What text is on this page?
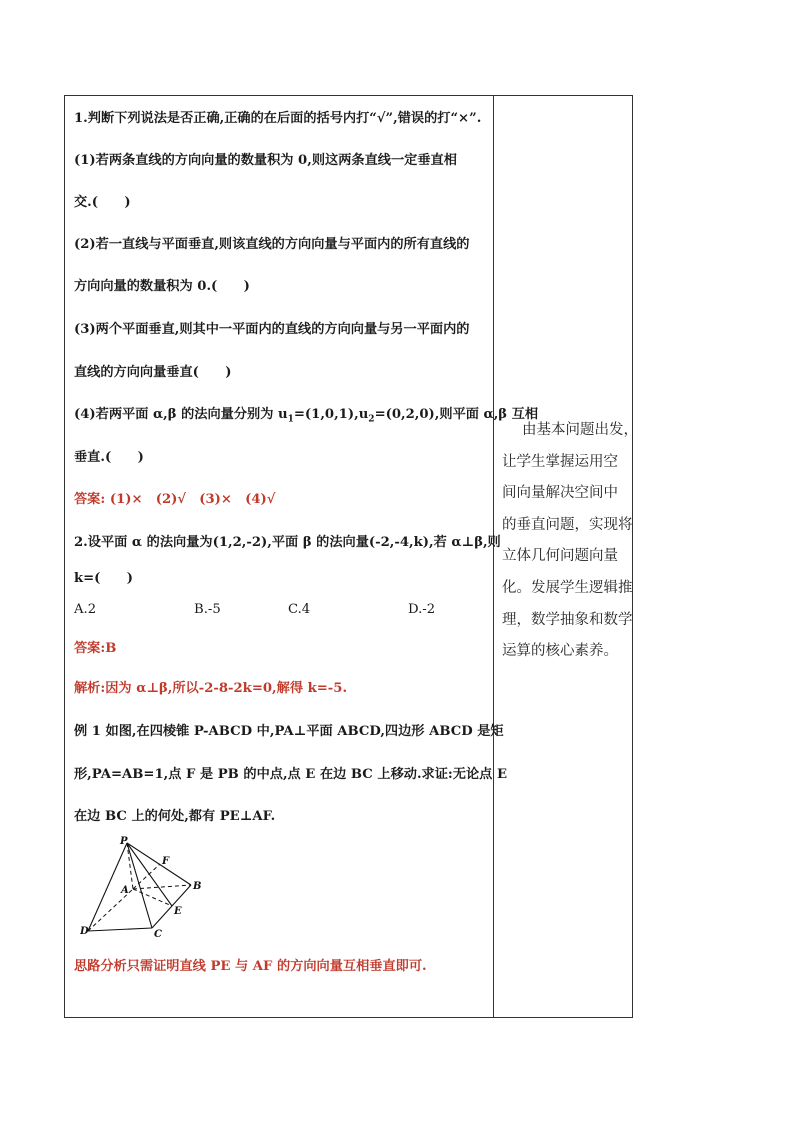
1.判断下列说法是否正确,正确的在后面的括号内打“√”,错误的打“×”.
(1)若两条直线的方向向量的数量积为 0,则这两条直线一定垂直相
交.(　　)
(2)若一直线与平面垂直,则该直线的方向向量与平面内的所有直线的
方向向量的数量积为 0.(　　)
(3)两个平面垂直,则其中一平面内的直线的方向向量与另一平面内的
直线的方向向量垂直(　　)
(4)若两平面 α,β 的法向量分别为 $u_1=(1,0,1),u_2=(0,2,0)$,则平面 α,β 互相
垂直.(　　)
答案: (1)×　(2)√　(3)×　(4)√
2.设平面 α 的法向量为(1,2,-2),平面 β 的法向量(-2,-4,k),若 α⊥β,则
k=(　　)
A.2	B.-5	C.4	D.-2
答案:B
解析:因为 α⊥β,所以-2-8-2k=0,解得 k=-5.
例 1 如图,在四棱锥 P-ABCD 中,PA⊥平面 ABCD,四边形 ABCD 是矩
形,PA=AB=1,点 F 是 PB 的中点,点 E 在边 BC 上移动.求证:无论点 E
在边 BC 上的何处,都有 PE⊥AF.
P
A	B
C
D
E
F
思路分析只需证明直线 PE 与 AF 的方向向量互相垂直即可.
由基本问题出发，
让学生掌握运用空
间向量解决空间中
的垂直问题，实现将
立体几何问题向量
化。发展学生逻辑推
理，数学抽象和数学
运算的核心素养。
